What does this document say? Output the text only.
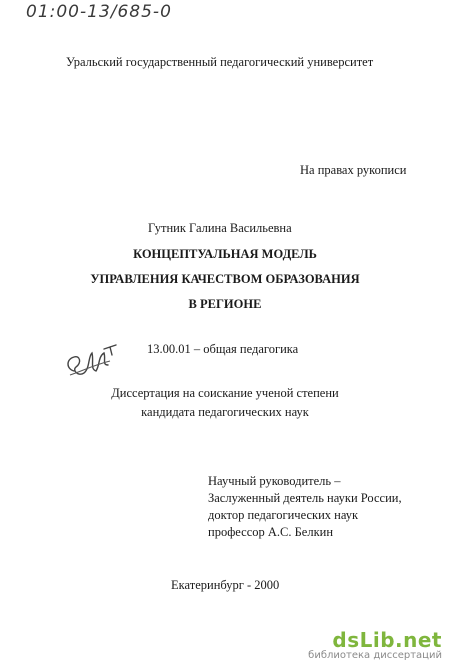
01:00-13/685-0
Уральский государственный педагогический университет
На правах рукописи
Гутник Галина Васильевна
КОНЦЕПТУАЛЬНАЯ МОДЕЛЬ
УПРАВЛЕНИЯ КАЧЕСТВОМ ОБРАЗОВАНИЯ
В РЕГИОНЕ
13.00.01 – общая педагогика
Диссертация на соискание ученой степени
кандидата педагогических наук
Научный руководитель –
Заслуженный деятель науки России,
доктор педагогических наук
профессор А.С. Белкин
Екатеринбург - 2000
dsLib.net
библиотека диссертаций
